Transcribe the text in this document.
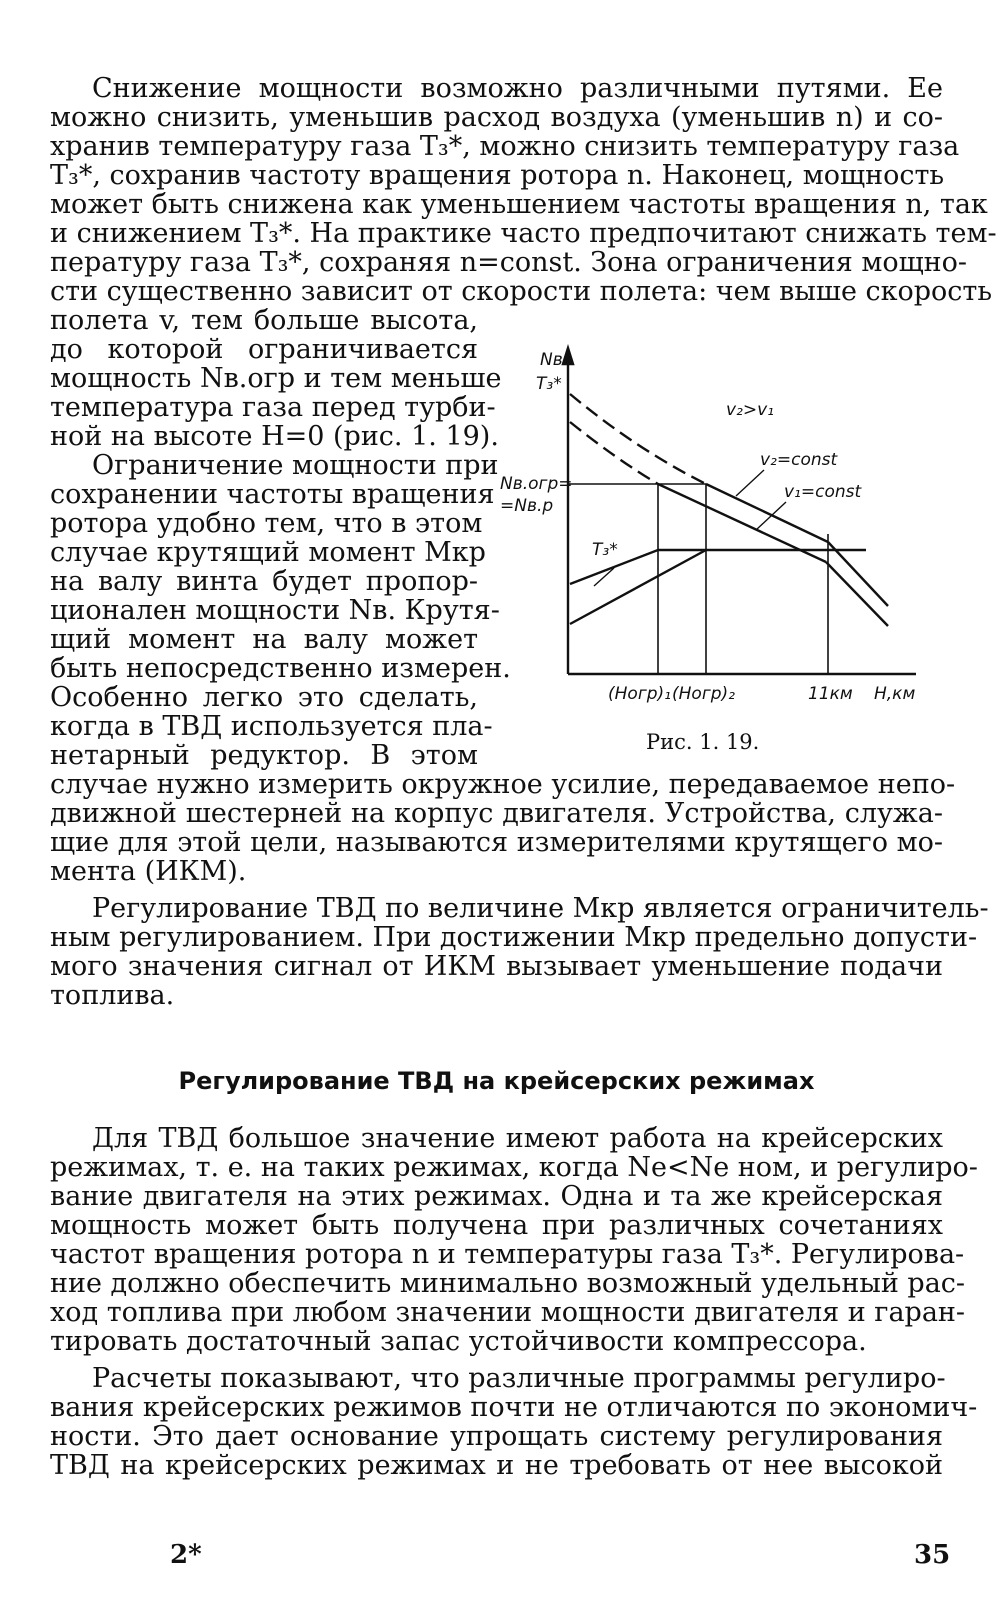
Снижение мощности возможно различными путями. Ее
можно снизить, уменьшив расход воздуха (уменьшив n) и со-
хранив температуру газа T₃*, можно снизить температуру газа
T₃*, сохранив частоту вращения ротора n. Наконец, мощность
может быть снижена как уменьшением частоты вращения n, так
и снижением T₃*. На практике часто предпочитают снижать тем-
пературу газа T₃*, сохраняя n=const. Зона ограничения мощно-
сти существенно зависит от скорости полета: чем выше скорость
полета v, тем больше высота,
до которой ограничивается
мощность Nв.огр и тем меньше
температура газа перед турби-
ной на высоте H=0 (рис. 1. 19).
Ограничение мощности при
сохранении частоты вращения
ротора удобно тем, что в этом
случае крутящий момент Mкр
на валу винта будет пропор-
ционален мощности Nв. Крутя-
щий момент на валу может
быть непосредственно измерен.
Особенно легко это сделать,
когда в ТВД используется пла-
нетарный редуктор. В этом
случае нужно измерить окружное усилие, передаваемое непо-
движной шестерней на корпус двигателя. Устройства, служа-
щие для этой цели, называются измерителями крутящего мо-
мента (ИКМ).
Регулирование ТВД по величине Mкр является ограничитель-
ным регулированием. При достижении Mкр предельно допусти-
мого значения сигнал от ИКМ вызывает уменьшение подачи
топлива.
Регулирование ТВД на крейсерских режимах
Для ТВД большое значение имеют работа на крейсерских
режимах, т. е. на таких режимах, когда Ne<Ne ном, и регулиро-
вание двигателя на этих режимах. Одна и та же крейсерская
мощность может быть получена при различных сочетаниях
частот вращения ротора n и температуры газа T₃*. Регулирова-
ние должно обеспечить минимально возможный удельный рас-
ход топлива при любом значении мощности двигателя и гаран-
тировать достаточный запас устойчивости компрессора.
Расчеты показывают, что различные программы регулиро-
вания крейсерских режимов почти не отличаются по экономич-
ности. Это дает основание упрощать систему регулирования
ТВД на крейсерских режимах и не требовать от нее высокой
Nв
T₃*
v₂>v₁
v₂=const
v₁=const
Nв.огр=
=Nв.р
T₃*
(Hогр)₁ (Hогр)₂	11км H,км
Рис. 1. 19.
2*	35
